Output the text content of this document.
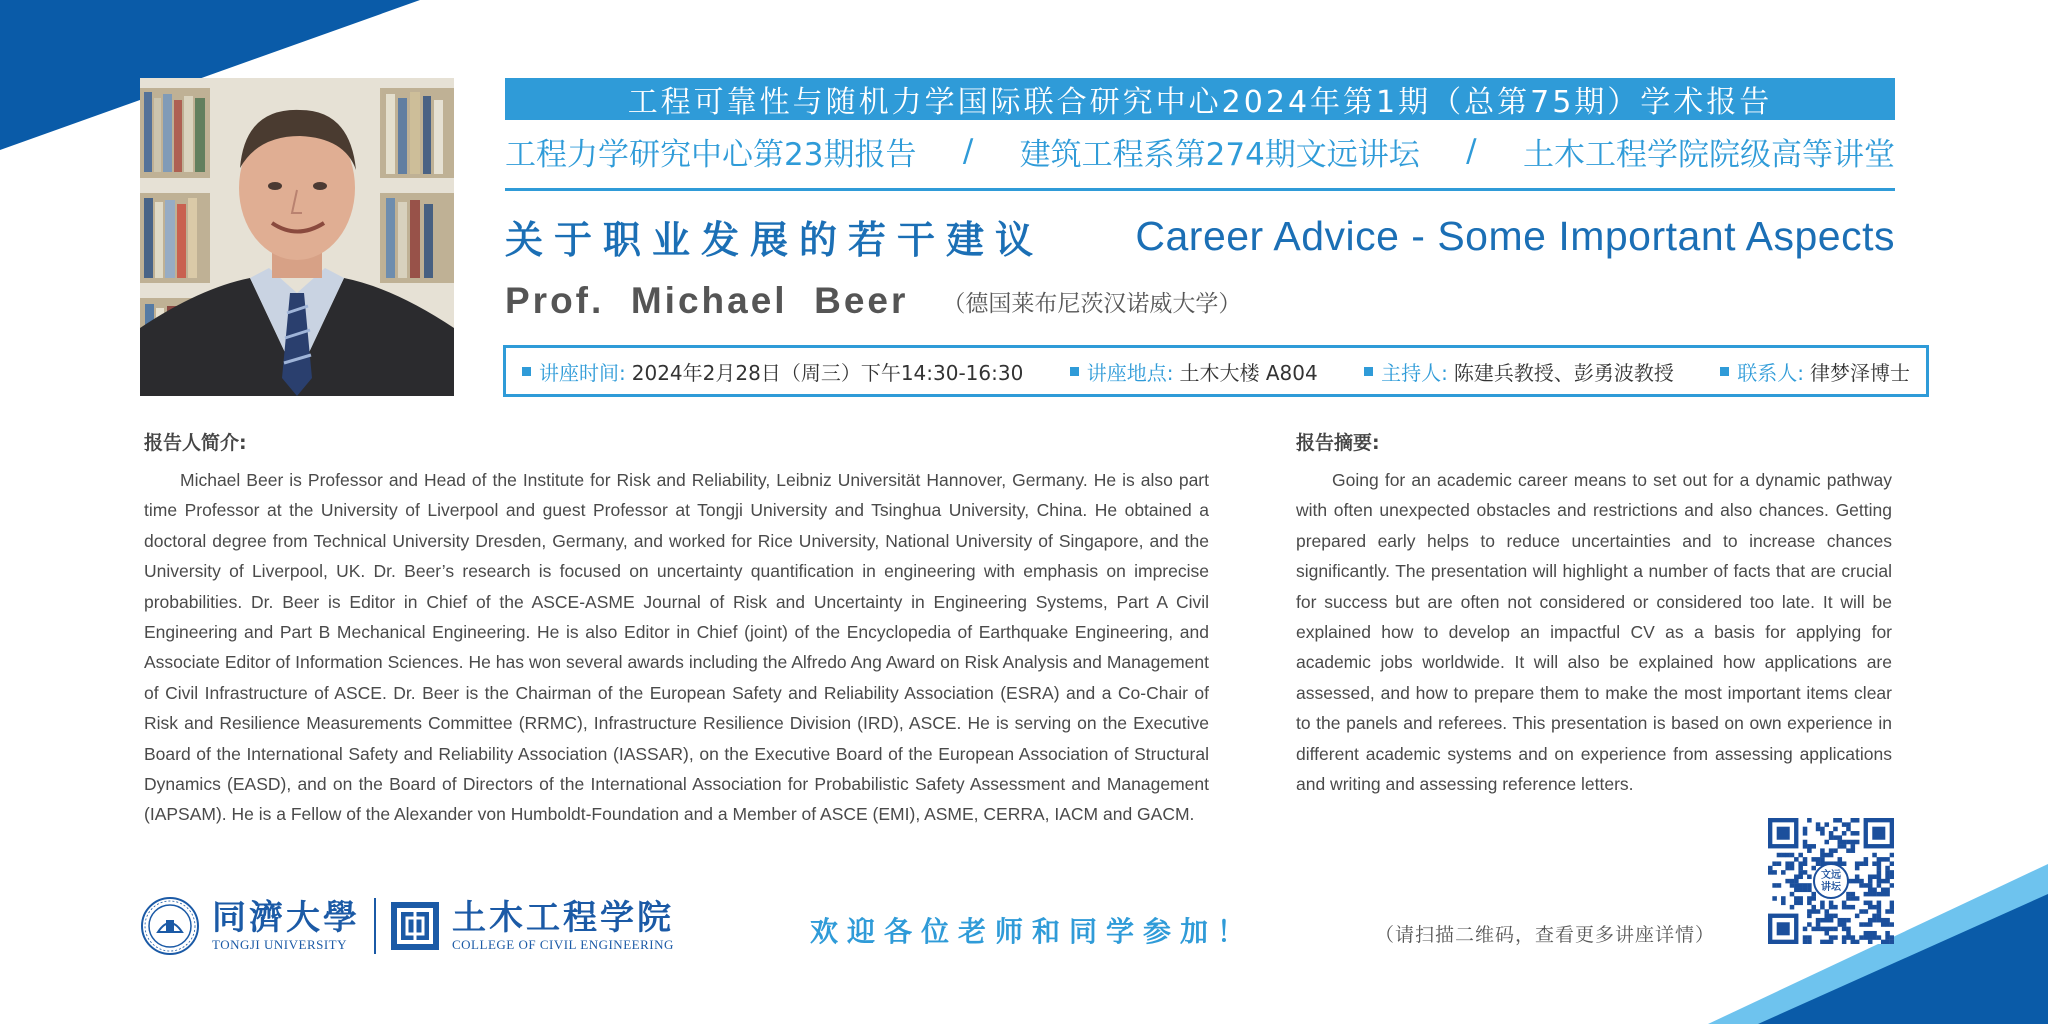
工程可靠性与随机力学国际联合研究中心2024年第1期（总第75期）学术报告
工程力学研究中心第23期报告 / 建筑工程系第274期文远讲坛 / 土木工程学院院级高等讲堂
关于职业发展的若干建议 Career Advice - Some Important Aspects
Prof.  Michael  Beer （德国莱布尼茨汉诺威大学）
讲座时间: 2024年2月28日（周三）下午14:30-16:30	讲座地点: 土木大楼 A804	主持人: 陈建兵教授、彭勇波教授	联系人: 律梦泽博士
报告人简介:

Michael Beer is Professor and Head of the Institute for Risk and Reliability, Leibniz Universität Hannover, Germany. He is also part time Professor at the University of Liverpool and guest Professor at Tongji University and Tsinghua University, China. He obtained a doctoral degree from Technical University Dresden, Germany, and worked for Rice University, National University of Singapore, and the University of Liverpool, UK. Dr. Beer’s research is focused on uncertainty quantification in engineering with emphasis on imprecise probabilities. Dr. Beer is Editor in Chief of the ASCE-ASME Journal of Risk and Uncertainty in Engineering Systems, Part A Civil Engineering and Part B Mechanical Engineering. He is also Editor in Chief (joint) of the Encyclopedia of Earthquake Engineering, and Associate Editor of Information Sciences. He has won several awards including the Alfredo Ang Award on Risk Analysis and Management of Civil Infrastructure of ASCE. Dr. Beer is the Chairman of the European Safety and Reliability Association (ESRA) and a Co-Chair of Risk and Resilience Measurements Committee (RRMC), Infrastructure Resilience Division (IRD), ASCE. He is serving on the Executive Board of the International Safety and Reliability Association (IASSAR), on the Executive Board of the European Association of Structural Dynamics (EASD), and on the Board of Directors of the International Association for Probabilistic Safety Assessment and Management (IAPSAM). He is a Fellow of the Alexander von Humboldt-Foundation and a Member of ASCE (EMI), ASME, CERRA, IACM and GACM.

报告摘要:

Going for an academic career means to set out for a dynamic pathway with often unexpected obstacles and restrictions and also chances. Getting prepared early helps to reduce uncertainties and to increase chances significantly. The presentation will highlight a number of facts that are crucial for success but are often not considered or considered too late. It will be explained how to develop an impactful CV as a basis for applying for academic jobs worldwide. It will also be explained how applications are assessed, and how to prepare them to make the most important items clear to the panels and referees. This presentation is based on own experience in different academic systems and on experience from assessing applications and writing and assessing reference letters.

同濟大學
TONGJI UNIVERSITY
土木工程学院
COLLEGE OF CIVIL ENGINEERING	欢迎各位老师和同学参加！	（请扫描二维码，查看更多讲座详情）
文远
讲坛
